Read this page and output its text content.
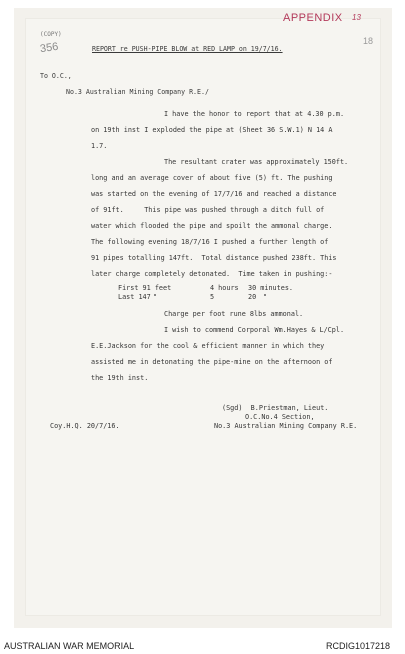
APPENDIX 13
18
(COPY)
356	REPORT re PUSH-PIPE BLOW at RED LAMP on 19/7/16.
To O.C.,
No.3 Australian Mining Company R.E./
I have the honor to report that at 4.30 p.m.
on 19th inst I exploded the pipe at (Sheet 36 S.W.1) N 14 A
1.7.
The resultant crater was approximately 150ft.
long and an average cover of about five (5) ft. The pushing
was started on the evening of 17/7/16 and reached a distance
of 91ft.     This pipe was pushed through a ditch full of
water which flooded the pipe and spoilt the ammonal charge.
The following evening 18/7/16 I pushed a further length of
91 pipes totalling 147ft.  Total distance pushed 238ft. This
later charge completely detonated.  Time taken in pushing:-
First 91 feet	4 hours 30 minutes.
Last 147 "	5	20 "
Charge per foot rune 8lbs ammonal.
I wish to commend Corporal Wm.Hayes & L/Cpl.
E.E.Jackson for the cool & efficient manner in which they
assisted me in detonating the pipe-mine on the afternoon of
the 19th inst.
(Sgd)  B.Priestman, Lieut.
O.C.No.4 Section,
No.3 Australian Mining Company R.E.
Coy.H.Q. 20/7/16.
AUSTRALIAN WAR MEMORIAL	RCDIG1017218
